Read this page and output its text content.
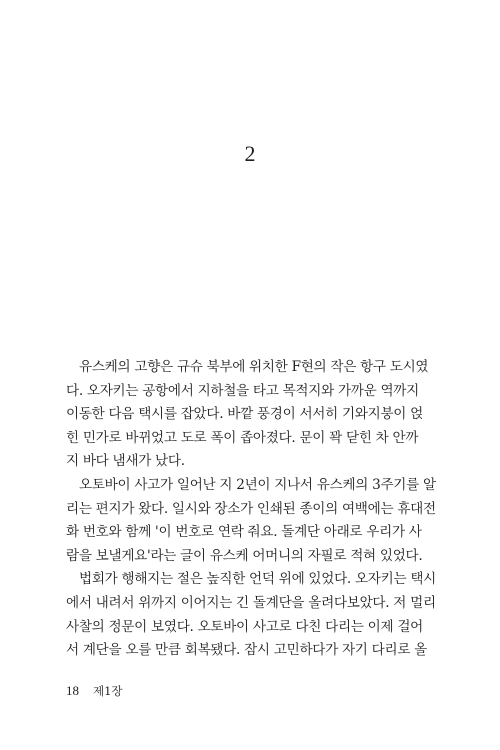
2
유스케의 고향은 규슈 북부에 위치한 F현의 작은 항구 도시였
다. 오자키는 공항에서 지하철을 타고 목적지와 가까운 역까지
이동한 다음 택시를 잡았다. 바깥 풍경이 서서히 기와지붕이 얹
힌 민가로 바뀌었고 도로 폭이 좁아졌다. 문이 꽉 닫힌 차 안까
지 바다 냄새가 났다.
오토바이 사고가 일어난 지 2년이 지나서 유스케의 3주기를 알
리는 편지가 왔다. 일시와 장소가 인쇄된 종이의 여백에는 휴대전
화 번호와 함께 '이 번호로 연락 줘요. 돌계단 아래로 우리가 사
람을 보낼게요'라는 글이 유스케 어머니의 자필로 적혀 있었다.
법회가 행해지는 절은 높직한 언덕 위에 있었다. 오자키는 택시
에서 내려서 위까지 이어지는 긴 돌계단을 올려다보았다. 저 멀리
사찰의 정문이 보였다. 오토바이 사고로 다친 다리는 이제 걸어
서 계단을 오를 만큼 회복됐다. 잠시 고민하다가 자기 다리로 올
18 제1장
